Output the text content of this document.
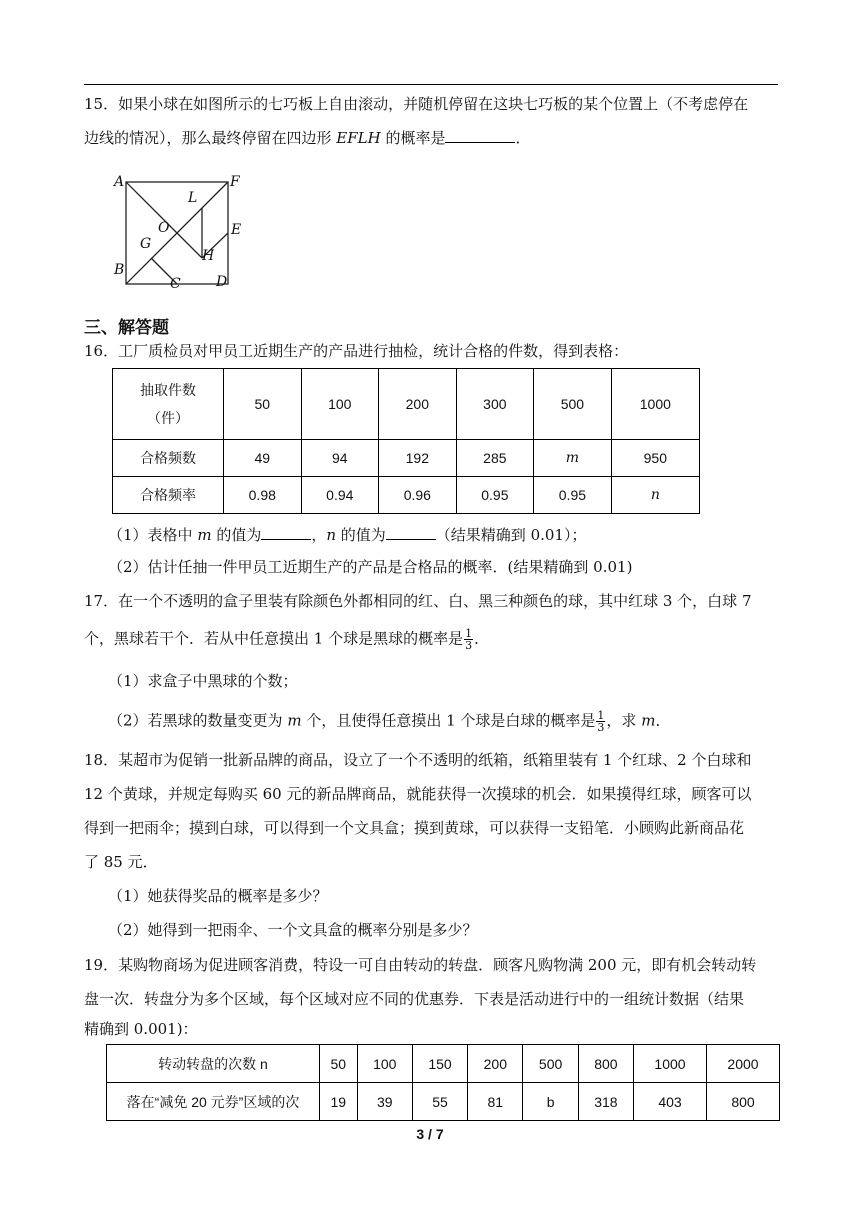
15．如果小球在如图所示的七巧板上自由滚动，并随机停留在这块七巧板的某个位置上（不考虑停在
边线的情况），那么最终停留在四边形 EFLH 的概率是	．
A	F
L
O	E
G
H
B
C	D
三、解答题
16．工厂质检员对甲员工近期生产的产品进行抽检，统计合格的件数，得到表格：
抽取件数
（件）	50	100	200	300	500	1000
合格频数	49	94	192	285	m	950
合格频率	0.98	0.94	0.96	0.95	0.95	n
（1）表格中 m 的值为	，n 的值为	（结果精确到 0.01）；
（2）估计任抽一件甲员工近期生产的产品是合格品的概率．(结果精确到 0.01)
17．在一个不透明的盒子里装有除颜色外都相同的红、白、黑三种颜色的球，其中红球 3 个，白球 7
个，黑球若干个．若从中任意摸出 1 个球是黑球的概率是 $\frac{1}{3}$ ．
（1）求盒子中黑球的个数；
（2）若黑球的数量变更为 m 个，且使得任意摸出 1 个球是白球的概率是 $\frac{1}{3}$ ，求 m．
18．某超市为促销一批新品牌的商品，设立了一个不透明的纸箱，纸箱里装有 1 个红球、2 个白球和
12 个黄球，并规定每购买 60 元的新品牌商品，就能获得一次摸球的机会．如果摸得红球，顾客可以
得到一把雨伞；摸到白球，可以得到一个文具盒；摸到黄球，可以获得一支铅笔．小顾购此新商品花
了 85 元．
（1）她获得奖品的概率是多少？
（2）她得到一把雨伞、一个文具盒的概率分别是多少？
19．某购物商场为促进顾客消费，特设一可自由转动的转盘．顾客凡购物满 200 元，即有机会转动转
盘一次．转盘分为多个区域，每个区域对应不同的优惠券．下表是活动进行中的一组统计数据（结果
精确到 0.001)：
转动转盘的次数 n	50	100	150	200	500	800	1000	2000
落在“减免 20 元券”区域的次	19	39	55	81	b	318	403	800
3 / 7
